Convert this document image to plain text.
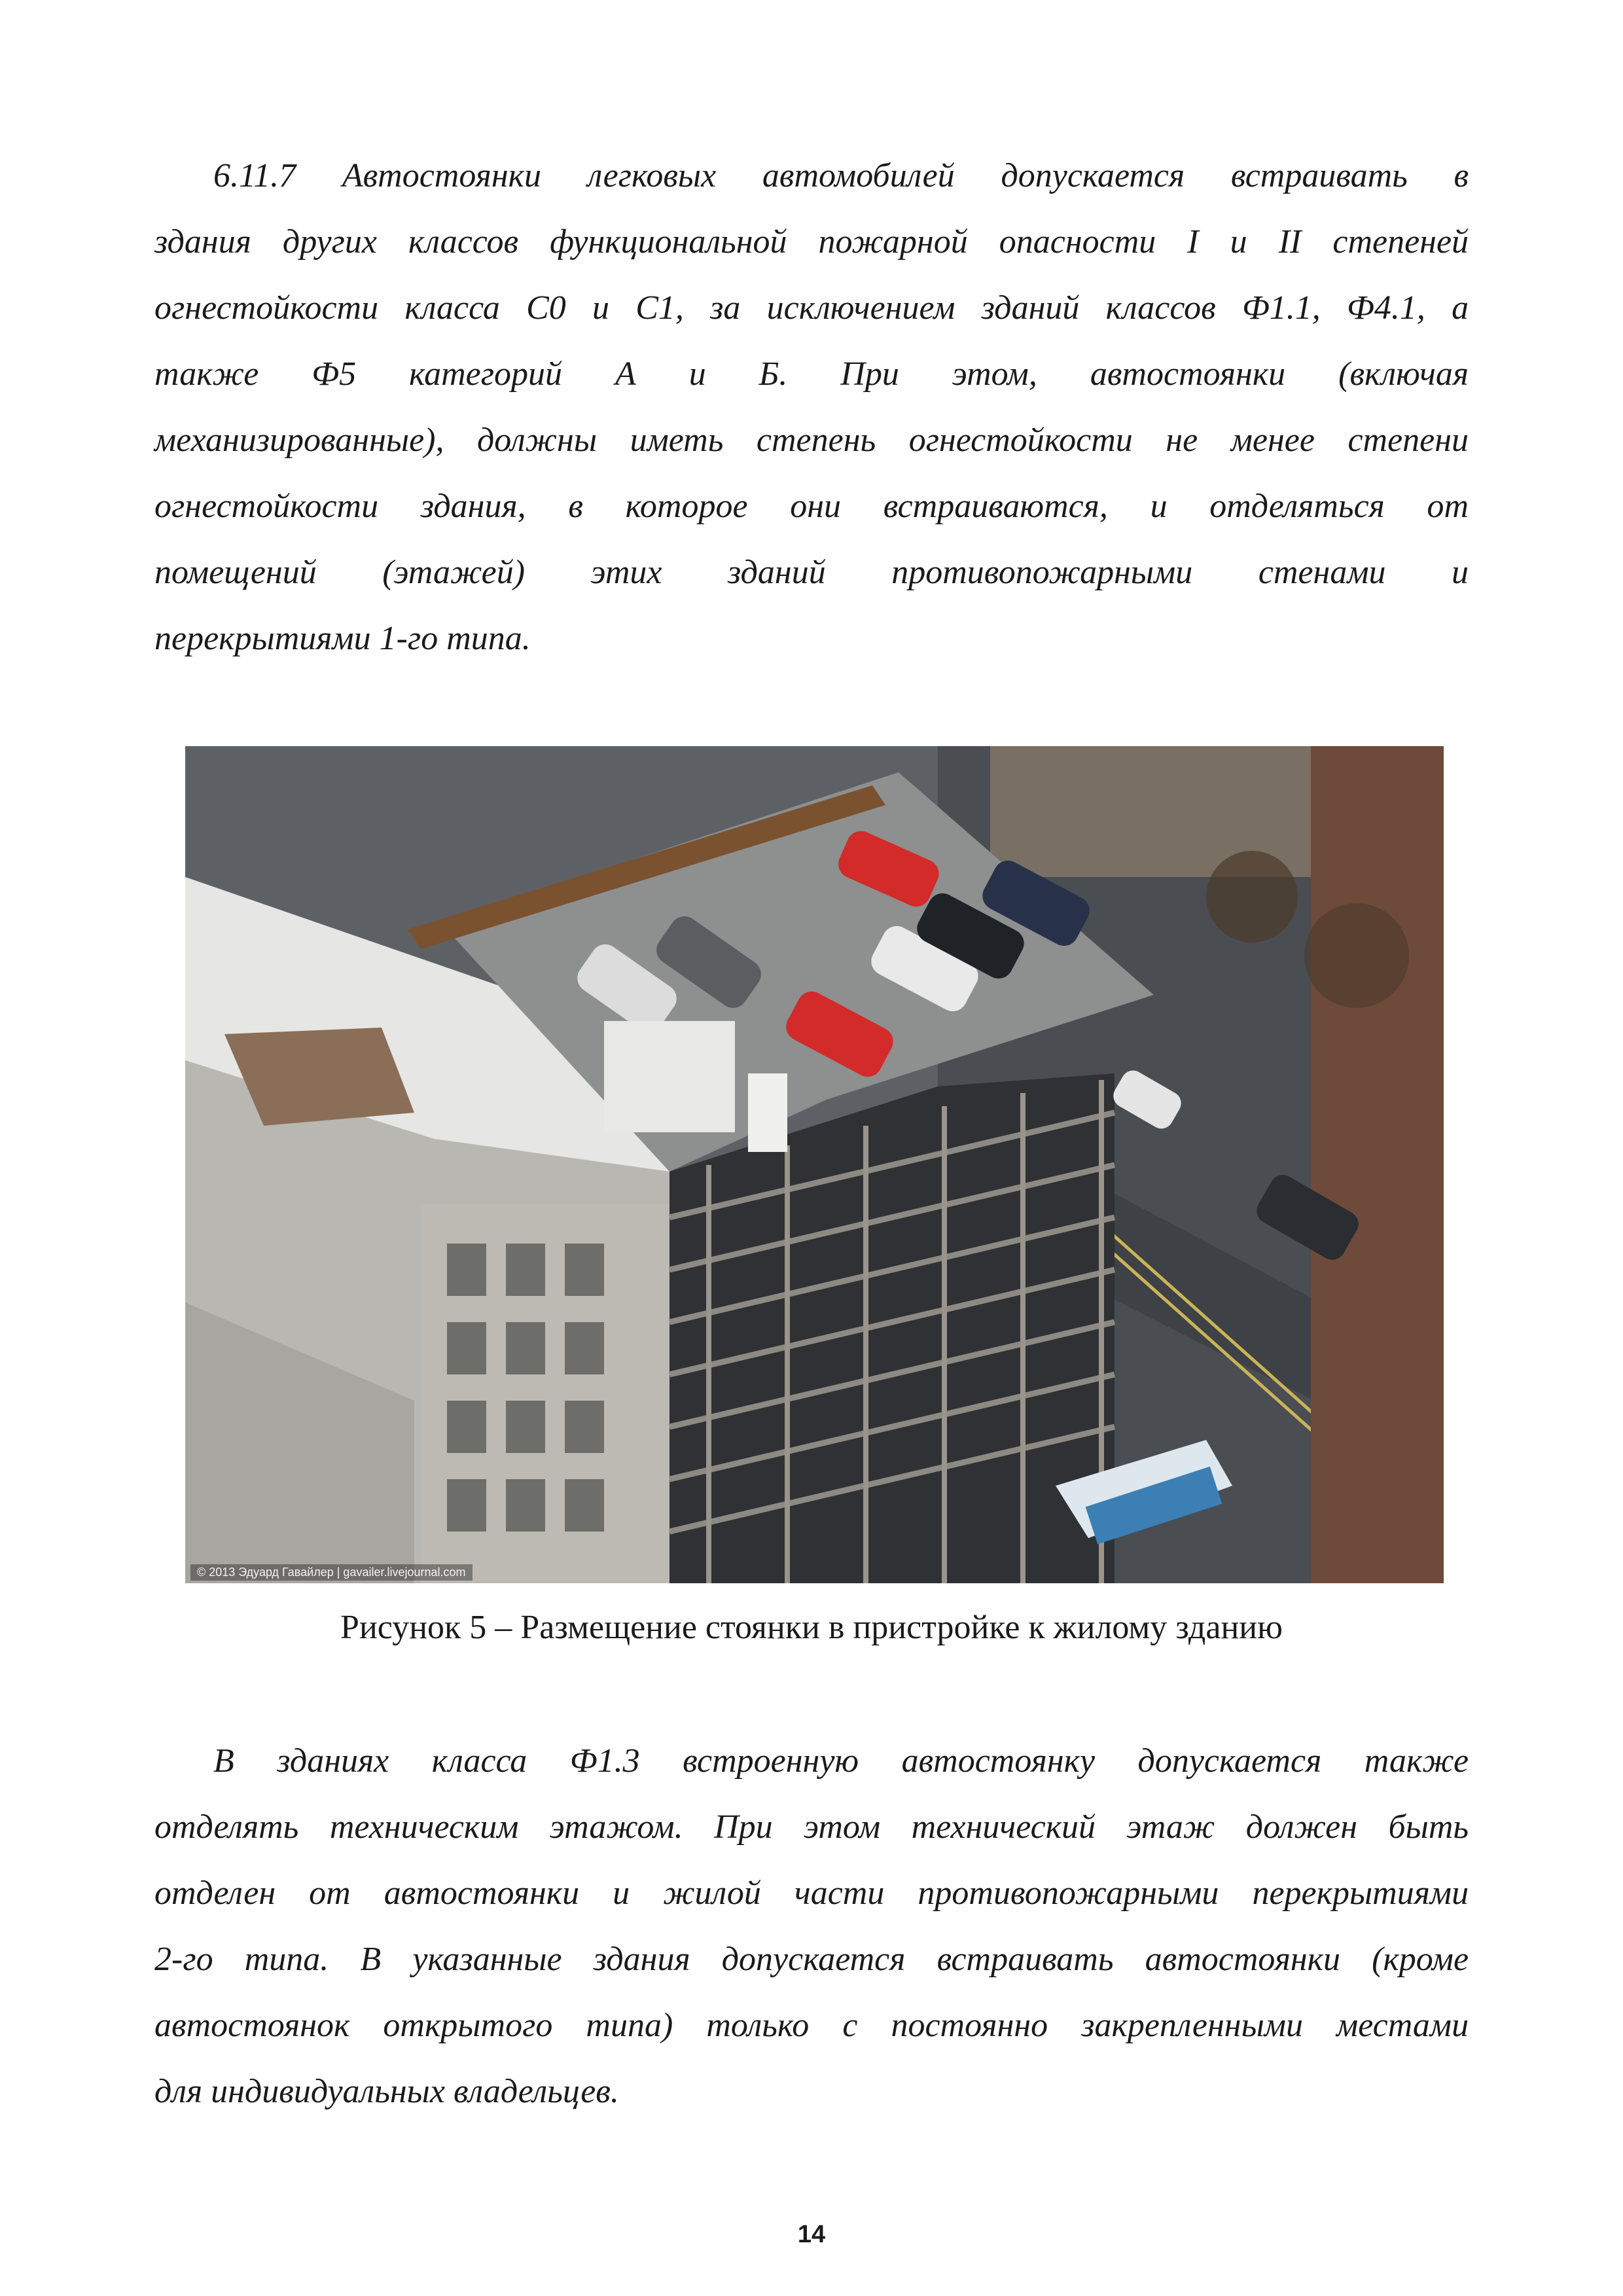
6.11.7 Автостоянки легковых автомобилей допускается встраивать в
здания других классов функциональной пожарной опасности I и II степеней
огнестойкости класса С0 и С1, за исключением зданий классов Ф1.1, Ф4.1, а
также Ф5 категорий А и Б. При этом, автостоянки (включая
механизированные), должны иметь степень огнестойкости не менее степени
огнестойкости здания, в которое они встраиваются, и отделяться от
помещений (этажей) этих зданий противопожарными стенами и
перекрытиями 1-го типа.
© 2013 Эдуард Гавайлер | gavailer.livejournal.com
Рисунок 5 – Размещение стоянки в пристройке к жилому зданию
В зданиях класса Ф1.3 встроенную автостоянку допускается также
отделять техническим этажом. При этом технический этаж должен быть
отделен от автостоянки и жилой части противопожарными перекрытиями
2-го типа. В указанные здания допускается встраивать автостоянки (кроме
автостоянок открытого типа) только с постоянно закрепленными местами
для индивидуальных владельцев.
14
